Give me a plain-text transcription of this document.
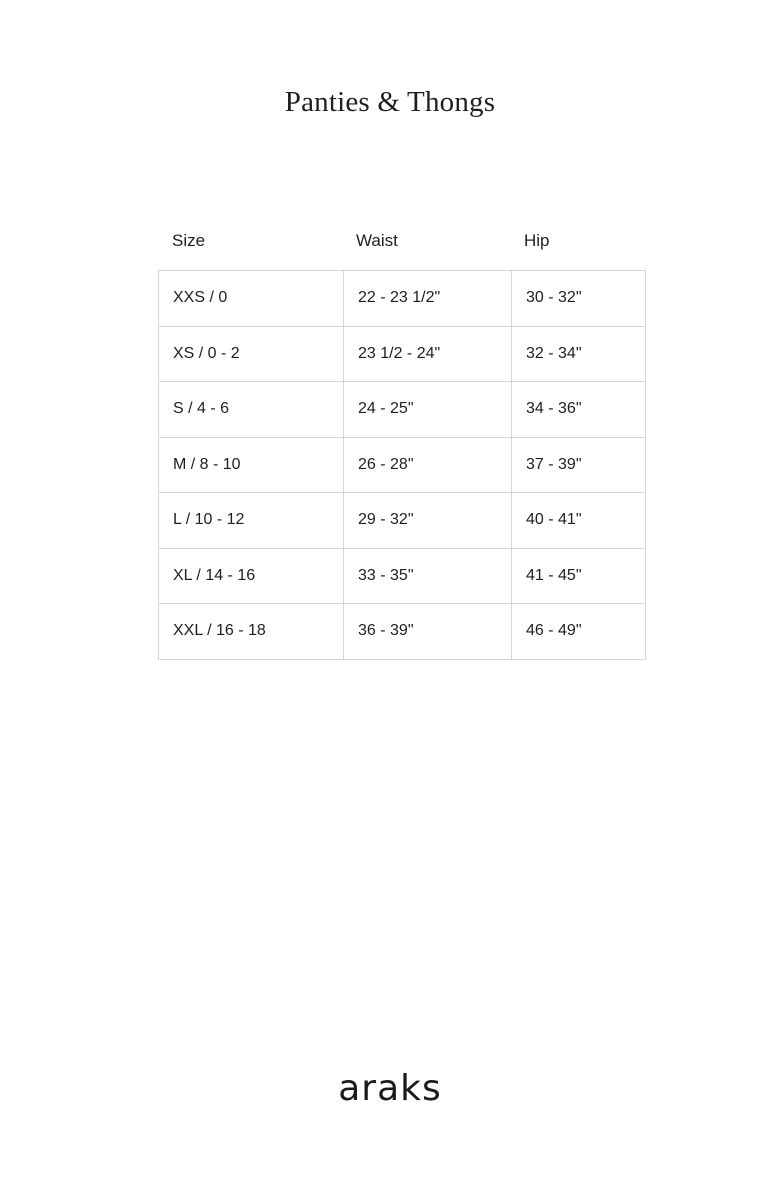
Panties & Thongs
Size	Waist	Hip
XXS / 0	22 - 23 1/2"	30 - 32"
XS / 0 - 2	23 1/2 - 24"	32 - 34"
S / 4 - 6	24 - 25"	34 - 36"
M / 8 - 10	26 - 28"	37 - 39"
L / 10 - 12	29 - 32"	40 - 41"
XL / 14 - 16	33 - 35"	41 - 45"
XXL / 16 - 18	36 - 39"	46 - 49"
araks
